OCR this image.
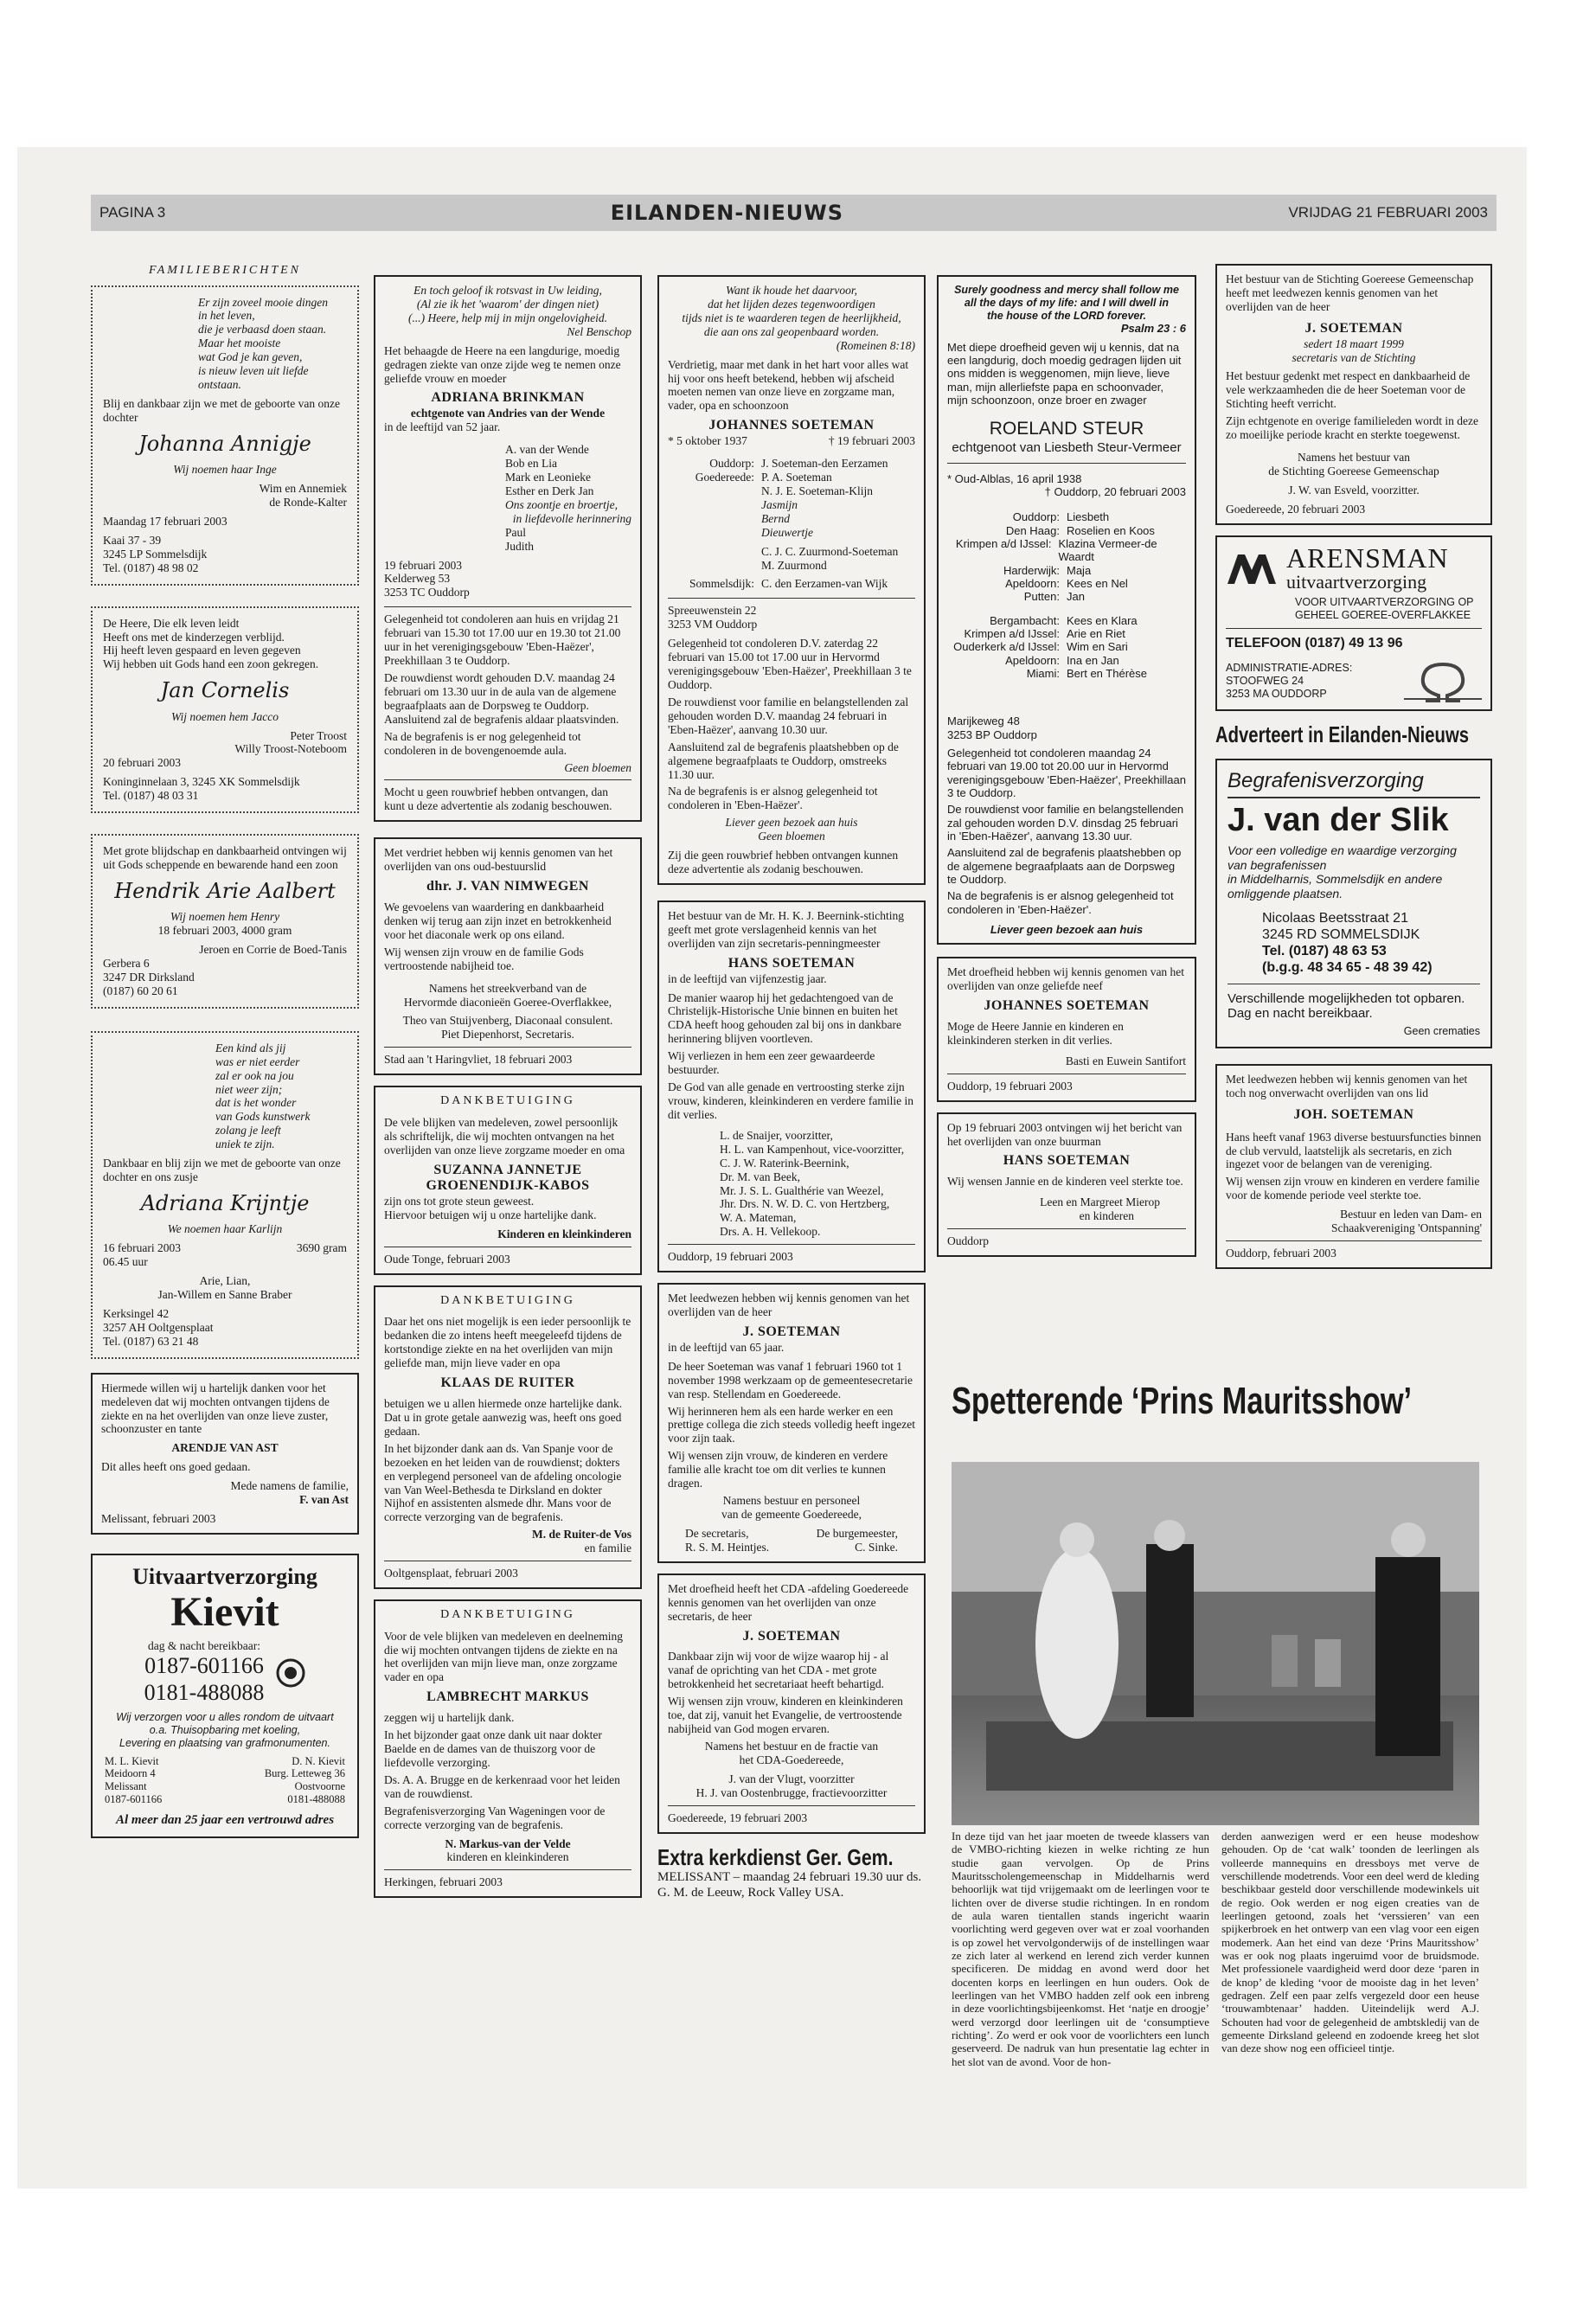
PAGINA 3	EILANDEN-NIEUWS	VRIJDAG 21 FEBRUARI 2003
FAMILIEBERICHTEN
Er zijn zoveel mooie dingen
in het leven,
die je verbaasd doen staan.
Maar het mooiste
wat God je kan geven,
is nieuw leven uit liefde ontstaan.
Blij en dankbaar zijn we met de geboorte van onze dochter
Johanna Annigje
Wij noemen haar Inge
Wim en Annemiek
de Ronde-Kalter
Maandag 17 februari 2003
Kaai 37 - 39
3245 LP Sommelsdijk
Tel. (0187) 48 98 02
De Heere, Die elk leven leidt
Heeft ons met de kinderzegen verblijd.
Hij heeft leven gespaard en leven gegeven
Wij hebben uit Gods hand een zoon gekregen.
Jan Cornelis
Wij noemen hem Jacco
Peter Troost
Willy Troost-Noteboom
20 februari 2003
Koninginnelaan 3, 3245 XK Sommelsdijk
Tel. (0187) 48 03 31
Met grote blijdschap en dankbaarheid ontvingen wij uit Gods scheppende en bewarende hand een zoon
Hendrik Arie Aalbert
Wij noemen hem Henry
18 februari 2003, 4000 gram
Jeroen en Corrie de Boed-Tanis
Gerbera 6
3247 DR Dirksland
(0187) 60 20 61
Een kind als jij
was er niet eerder
zal er ook na jou
niet weer zijn;
dat is het wonder
van Gods kunstwerk
zolang je leeft
uniek te zijn.
Dankbaar en blij zijn we met de geboorte van onze dochter en ons zusje
Adriana Krijntje
We noemen haar Karlijn
16 februari 2003	3690 gram
06.45 uur
Arie, Lian,
Jan-Willem en Sanne Braber
Kerksingel 42
3257 AH Ooltgensplaat
Tel. (0187) 63 21 48
Hiermede willen wij u hartelijk danken voor het medeleven dat wij mochten ontvangen tijdens de ziekte en na het overlijden van onze lieve zuster, schoonzuster en tante
ARENDJE VAN AST
Dit alles heeft ons goed gedaan.
Mede namens de familie,
F. van Ast
Melissant, februari 2003
Uitvaartverzorging
Kievit
dag & nacht bereikbaar:
0187-601166
0181-488088
Wij verzorgen voor u alles rondom de uitvaart
o.a. Thuisopbaring met koeling,
Levering en plaatsing van grafmonumenten.
M. L. Kievit
Meidoorn 4
Melissant
0187-601166
D. N. Kievit
Burg. Letteweg 36
Oostvoorne
0181-488088
Al meer dan 25 jaar een vertrouwd adres
En toch geloof ik rotsvast in Uw leiding,
(Al zie ik het 'waarom' der dingen niet)
(...) Heere, help mij in mijn ongelovigheid.
Nel Benschop
Het behaagde de Heere na een langdurige, moedig gedragen ziekte van onze zijde weg te nemen onze geliefde vrouw en moeder
ADRIANA BRINKMAN
echtgenote van Andries van der Wende
in de leeftijd van 52 jaar.
A. van der Wende
Bob en Lia
Mark en Leonieke
Esther en Derk Jan
Ons zoontje en broertje,
in liefdevolle herinnering
Paul
Judith
19 februari 2003
Kelderweg 53
3253 TC Ouddorp
Gelegenheid tot condoleren aan huis en vrijdag 21 februari van 15.30 tot 17.00 uur en 19.30 tot 21.00 uur in het verenigingsgebouw 'Eben-Haëzer', Preekhillaan 3 te Ouddorp.
De rouwdienst wordt gehouden D.V. maandag 24 februari om 13.30 uur in de aula van de algemene begraafplaats aan de Dorpsweg te Ouddorp. Aansluitend zal de begrafenis aldaar plaatsvinden.
Na de begrafenis is er nog gelegenheid tot condoleren in de bovengenoemde aula.
Geen bloemen
Mocht u geen rouwbrief hebben ontvangen, dan kunt u deze advertentie als zodanig beschouwen.
Met verdriet hebben wij kennis genomen van het overlijden van ons oud-bestuurslid
dhr. J. VAN NIMWEGEN
We gevoelens van waardering en dankbaarheid denken wij terug aan zijn inzet en betrokkenheid voor het diaconale werk op ons eiland.
Wij wensen zijn vrouw en de familie Gods vertroostende nabijheid toe.
Namens het streekverband van de
Hervormde diaconieën Goeree-Overflakkee,
Theo van Stuijvenberg, Diaconaal consulent.
Piet Diepenhorst, Secretaris.
Stad aan 't Haringvliet, 18 februari 2003
DANKBETUIGING
De vele blijken van medeleven, zowel persoonlijk als schriftelijk, die wij mochten ontvangen na het overlijden van onze lieve zorgzame moeder en oma
SUZANNA JANNETJE
GROENENDIJK-KABOS
zijn ons tot grote steun geweest.
Hiervoor betuigen wij u onze hartelijke dank.
Kinderen en kleinkinderen
Oude Tonge, februari 2003
DANKBETUIGING
Daar het ons niet mogelijk is een ieder persoonlijk te bedanken die zo intens heeft meegeleefd tijdens de kortstondige ziekte en na het overlijden van mijn geliefde man, mijn lieve vader en opa
KLAAS DE RUITER
betuigen we u allen hiermede onze hartelijke dank. Dat u in grote getale aanwezig was, heeft ons goed gedaan.
In het bijzonder dank aan ds. Van Spanje voor de bezoeken en het leiden van de rouwdienst; dokters en verplegend personeel van de afdeling oncologie van Van Weel-Bethesda te Dirksland en dokter Nijhof en assistenten alsmede dhr. Mans voor de correcte verzorging van de begrafenis.
M. de Ruiter-de Vos
en familie
Ooltgensplaat, februari 2003
DANKBETUIGING
Voor de vele blijken van medeleven en deelneming die wij mochten ontvangen tijdens de ziekte en na het overlijden van mijn lieve man, onze zorgzame vader en opa
LAMBRECHT MARKUS
zeggen wij u hartelijk dank.
In het bijzonder gaat onze dank uit naar dokter Baelde en de dames van de thuiszorg voor de liefdevolle verzorging.
Ds. A. A. Brugge en de kerkenraad voor het leiden van de rouwdienst.
Begrafenisverzorging Van Wageningen voor de correcte verzorging van de begrafenis.
N. Markus-van der Velde
kinderen en kleinkinderen
Herkingen, februari 2003
Want ik houde het daarvoor,
dat het lijden dezes tegenwoordigen
tijds niet is te waarderen tegen de heerlijkheid,
die aan ons zal geopenbaard worden.
(Romeinen 8:18)
Verdrietig, maar met dank in het hart voor alles wat hij voor ons heeft betekend, hebben wij afscheid moeten nemen van onze lieve en zorgzame man, vader, opa en schoonzoon
JOHANNES SOETEMAN
* 5 oktober 1937	† 19 februari 2003
Ouddorp: J. Soeteman-den Eerzamen
Goedereede: P. A. Soeteman
N. J. E. Soeteman-Klijn
Jasmijn
Bernd
Dieuwertje
C. J. C. Zuurmond-Soeteman
M. Zuurmond
Sommelsdijk: C. den Eerzamen-van Wijk
Spreeuwenstein 22
3253 VM Ouddorp
Gelegenheid tot condoleren D.V. zaterdag 22 februari van 15.00 tot 17.00 uur in Hervormd verenigingsgebouw 'Eben-Haëzer', Preekhillaan 3 te Ouddorp.
De rouwdienst voor familie en belangstellenden zal gehouden worden D.V. maandag 24 februari in 'Eben-Haëzer', aanvang 10.30 uur.
Aansluitend zal de begrafenis plaatshebben op de algemene begraafplaats te Ouddorp, omstreeks 11.30 uur.
Na de begrafenis is er alsnog gelegenheid tot condoleren in 'Eben-Haëzer'.
Liever geen bezoek aan huis
Geen bloemen
Zij die geen rouwbrief hebben ontvangen kunnen deze advertentie als zodanig beschouwen.
Het bestuur van de Mr. H. K. J. Beernink-stichting geeft met grote verslagenheid kennis van het overlijden van zijn secretaris-penningmeester
HANS SOETEMAN
in de leeftijd van vijfenzestig jaar.
De manier waarop hij het gedachtengoed van de Christelijk-Historische Unie binnen en buiten het CDA heeft hoog gehouden zal bij ons in dankbare herinnering blijven voortleven.
Wij verliezen in hem een zeer gewaardeerde bestuurder.
De God van alle genade en vertroosting sterke zijn vrouw, kinderen, kleinkinderen en verdere familie in dit verlies.
L. de Snaijer, voorzitter,
H. L. van Kampenhout, vice-voorzitter,
C. J. W. Raterink-Beernink,
Dr. M. van Beek,
Mr. J. S. L. Gualthérie van Weezel,
Jhr. Drs. N. W. D. C. von Hertzberg,
W. A. Mateman,
Drs. A. H. Vellekoop.
Ouddorp, 19 februari 2003
Met leedwezen hebben wij kennis genomen van het overlijden van de heer
J. SOETEMAN
in de leeftijd van 65 jaar.
De heer Soeteman was vanaf 1 februari 1960 tot 1 november 1998 werkzaam op de gemeentesecretarie van resp. Stellendam en Goedereede.
Wij herinneren hem als een harde werker en een prettige collega die zich steeds volledig heeft ingezet voor zijn taak.
Wij wensen zijn vrouw, de kinderen en verdere familie alle kracht toe om dit verlies te kunnen dragen.
Namens bestuur en personeel
van de gemeente Goedereede,
De secretaris,	De burgemeester,
R. S. M. Heintjes.	C. Sinke.
Met droefheid heeft het CDA -afdeling Goedereede kennis genomen van het overlijden van onze secretaris, de heer
J. SOETEMAN
Dankbaar zijn wij voor de wijze waarop hij - al vanaf de oprichting van het CDA - met grote betrokkenheid het secretariaat heeft behartigd.
Wij wensen zijn vrouw, kinderen en kleinkinderen toe, dat zij, vanuit het Evangelie, de vertroostende nabijheid van God mogen ervaren.
Namens het bestuur en de fractie van
het CDA-Goedereede,
J. van der Vlugt, voorzitter
H. J. van Oostenbrugge, fractievoorzitter
Goedereede, 19 februari 2003
Extra kerkdienst Ger. Gem.
MELISSANT – maandag 24 februari 19.30 uur ds. G. M. de Leeuw, Rock Valley USA.
Surely goodness and mercy shall follow me
all the days of my life: and I will dwell in
the house of the LORD forever.
Psalm 23 : 6
Met diepe droefheid geven wij u kennis, dat na een langdurig, doch moedig gedragen lijden uit ons midden is weggenomen, mijn lieve, lieve man, mijn allerliefste papa en schoonvader, mijn schoonzoon, onze broer en zwager
ROELAND STEUR
echtgenoot van Liesbeth Steur-Vermeer
* Oud-Alblas, 16 april 1938
† Ouddorp, 20 februari 2003
Ouddorp: Liesbeth
Den Haag: Roselien en Koos
Krimpen a/d IJssel: Klazina Vermeer-de Waardt
Harderwijk: Maja
Apeldoorn: Kees en Nel
Putten: Jan
Bergambacht: Kees en Klara
Krimpen a/d IJssel: Arie en Riet
Ouderkerk a/d IJssel: Wim en Sari
Apeldoorn: Ina en Jan
Miami: Bert en Thérèse
Marijkeweg 48
3253 BP Ouddorp
Gelegenheid tot condoleren maandag 24 februari van 19.00 tot 20.00 uur in Hervormd verenigingsgebouw 'Eben-Haëzer', Preekhillaan 3 te Ouddorp.
De rouwdienst voor familie en belangstellenden zal gehouden worden D.V. dinsdag 25 februari in 'Eben-Haëzer', aanvang 13.30 uur.
Aansluitend zal de begrafenis plaatshebben op de algemene begraafplaats aan de Dorpsweg te Ouddorp.
Na de begrafenis is er alsnog gelegenheid tot condoleren in 'Eben-Haëzer'.
Liever geen bezoek aan huis
Met droefheid hebben wij kennis genomen van het overlijden van onze geliefde neef
JOHANNES SOETEMAN
Moge de Heere Jannie en kinderen en kleinkinderen sterken in dit verlies.
Basti en Euwein Santifort
Ouddorp, 19 februari 2003
Op 19 februari 2003 ontvingen wij het bericht van het overlijden van onze buurman
HANS SOETEMAN
Wij wensen Jannie en de kinderen veel sterkte toe.
Leen en Margreet Mierop
en kinderen
Ouddorp
Het bestuur van de Stichting Goereese Gemeenschap heeft met leedwezen kennis genomen van het overlijden van de heer
J. SOETEMAN
sedert 18 maart 1999
secretaris van de Stichting
Het bestuur gedenkt met respect en dankbaarheid de vele werkzaamheden die de heer Soeteman voor de Stichting heeft verricht.
Zijn echtgenote en overige familieleden wordt in deze zo moeilijke periode kracht en sterkte toegewenst.
Namens het bestuur van
de Stichting Goereese Gemeenschap
J. W. van Esveld, voorzitter.
Goedereede, 20 februari 2003
ARENSMAN
uitvaartverzorging
VOOR UITVAARTVERZORGING OP GEHEEL GOEREE-OVERFLAKKEE
TELEFOON (0187) 49 13 96
ADMINISTRATIE-ADRES:
STOOFWEG 24
3253 MA OUDDORP
Adverteert in Eilanden-Nieuws
Begrafenisverzorging
J. van der Slik
Voor een volledige en waardige verzorging
van begrafenissen
in Middelharnis, Sommelsdijk en andere
omliggende plaatsen.
Nicolaas Beetsstraat 21
3245 RD SOMMELSDIJK
Tel. (0187) 48 63 53
(b.g.g. 48 34 65 - 48 39 42)
Verschillende mogelijkheden tot opbaren.
Dag en nacht bereikbaar.
Geen crematies
Met leedwezen hebben wij kennis genomen van het toch nog onverwacht overlijden van ons lid
JOH. SOETEMAN
Hans heeft vanaf 1963 diverse bestuursfuncties binnen de club vervuld, laatstelijk als secretaris, en zich ingezet voor de belangen van de vereniging.
Wij wensen zijn vrouw en kinderen en verdere familie voor de komende periode veel sterkte toe.
Bestuur en leden van Dam- en
Schaakvereniging 'Ontspanning'
Ouddorp, februari 2003
Spetterende ‘Prins Mauritsshow’

In deze tijd van het jaar moeten de tweede klassers van de VMBO-richting kiezen in welke richting ze hun studie gaan vervolgen. Op de Prins Mauritsscholengemeenschap in Middelharnis werd behoorlijk wat tijd vrijgemaakt om de leerlingen voor te lichten over de diverse studie richtingen. In en rondom de aula waren tientallen stands ingericht waarin voorlichting werd gegeven over wat er zoal voorhanden is op zowel het vervolgonderwijs of de instellingen waar ze zich later al werkend en lerend zich verder kunnen specificeren. De middag en avond werd door het docenten korps en leerlingen en hun ouders. Ook de leerlingen van het VMBO hadden zelf ook een inbreng in deze voorlichtingsbijeenkomst. Het ‘natje en droogje’ werd verzorgd door leerlingen uit de ‘consumptieve richting’. Zo werd er ook voor de voorlichters een lunch geserveerd. De nadruk van hun presentatie lag echter in het slot van de avond. Voor de hon-

derden aanwezigen werd er een heuse modeshow gehouden. Op de ‘cat walk’ toonden de leerlingen als volleerde mannequins en dressboys met verve de verschillende modetrends. Voor een deel werd de kleding beschikbaar gesteld door verschillende modewinkels uit de regio. Ook werden er nog eigen creaties van de leerlingen getoond, zoals het ‘verssieren’ van een spijkerbroek en het ontwerp van een vlag voor een eigen modemerk. Aan het eind van deze ‘Prins Mauritsshow’ was er ook nog plaats ingeruimd voor de bruidsmode. Met professionele vaardigheid werd door deze ‘paren in de knop’ de kleding ‘voor de mooiste dag in het leven’ gedragen. Zelf een paar zelfs vergezeld door een heuse ‘trouwambtenaar’ hadden. Uiteindelijk werd A.J. Schouten had voor de gelegenheid de ambtskledij van de gemeente Dirksland geleend en zodoende kreeg het slot van deze show nog een officieel tintje.
